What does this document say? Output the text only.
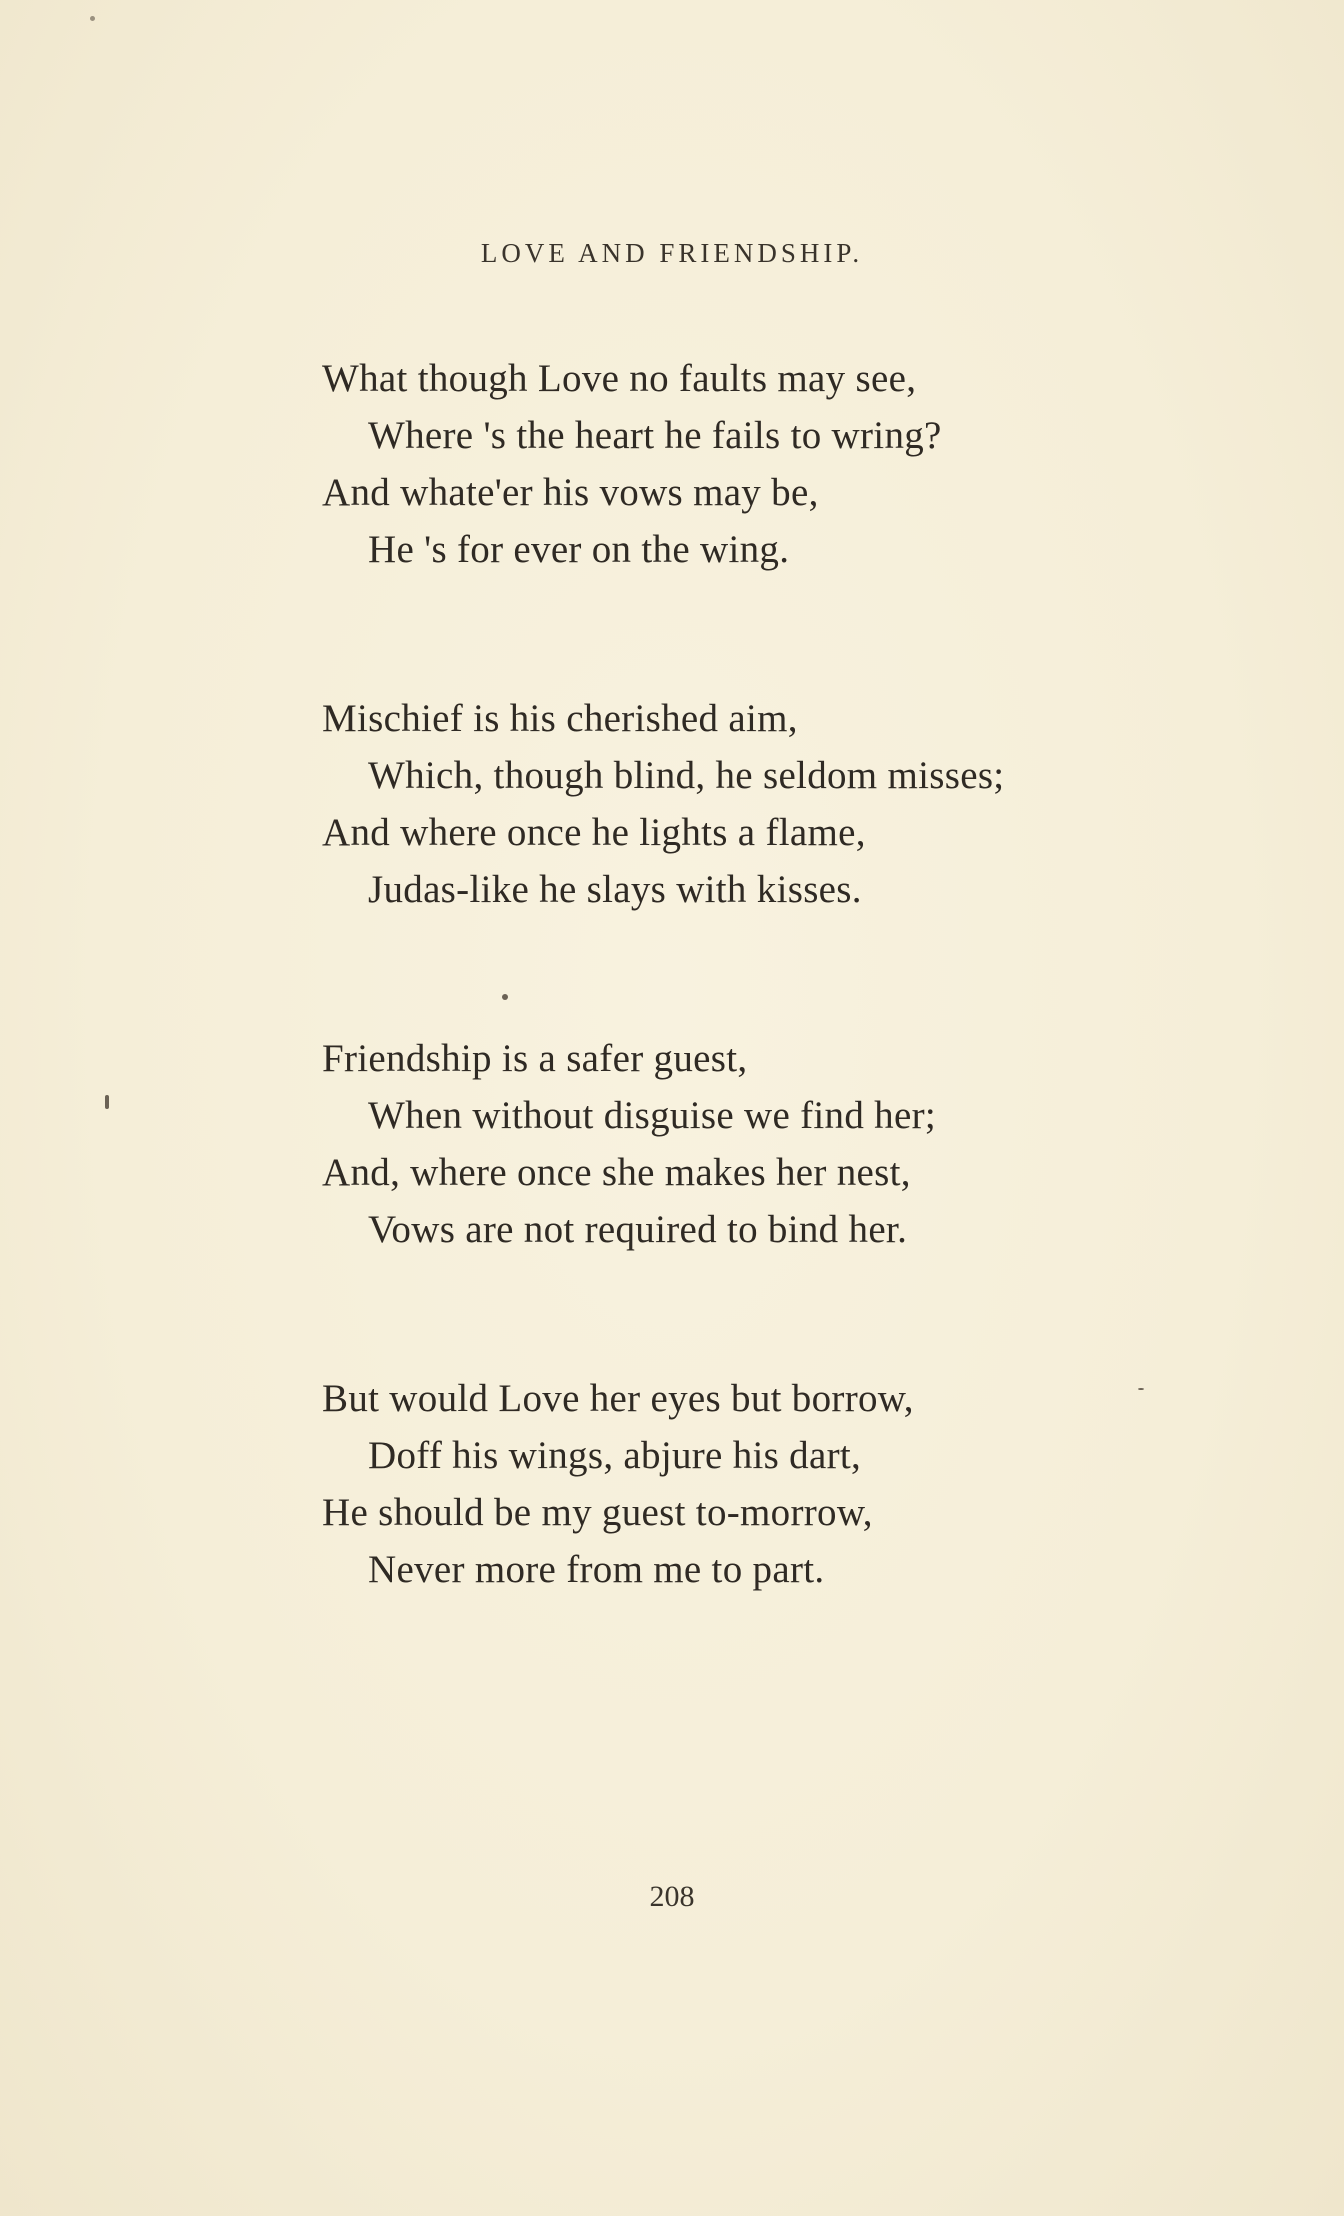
LOVE AND FRIENDSHIP.

What though Love no faults may see,
Where 's the heart he fails to wring?
And whate'er his vows may be,
He 's for ever on the wing.

Mischief is his cherished aim,
Which, though blind, he seldom misses;
And where once he lights a flame,
Judas-like he slays with kisses.

Friendship is a safer guest,
When without disguise we find her;
And, where once she makes her nest,
Vows are not required to bind her.

But would Love her eyes but borrow,
Doff his wings, abjure his dart,
He should be my guest to-morrow,
Never more from me to part.

208
